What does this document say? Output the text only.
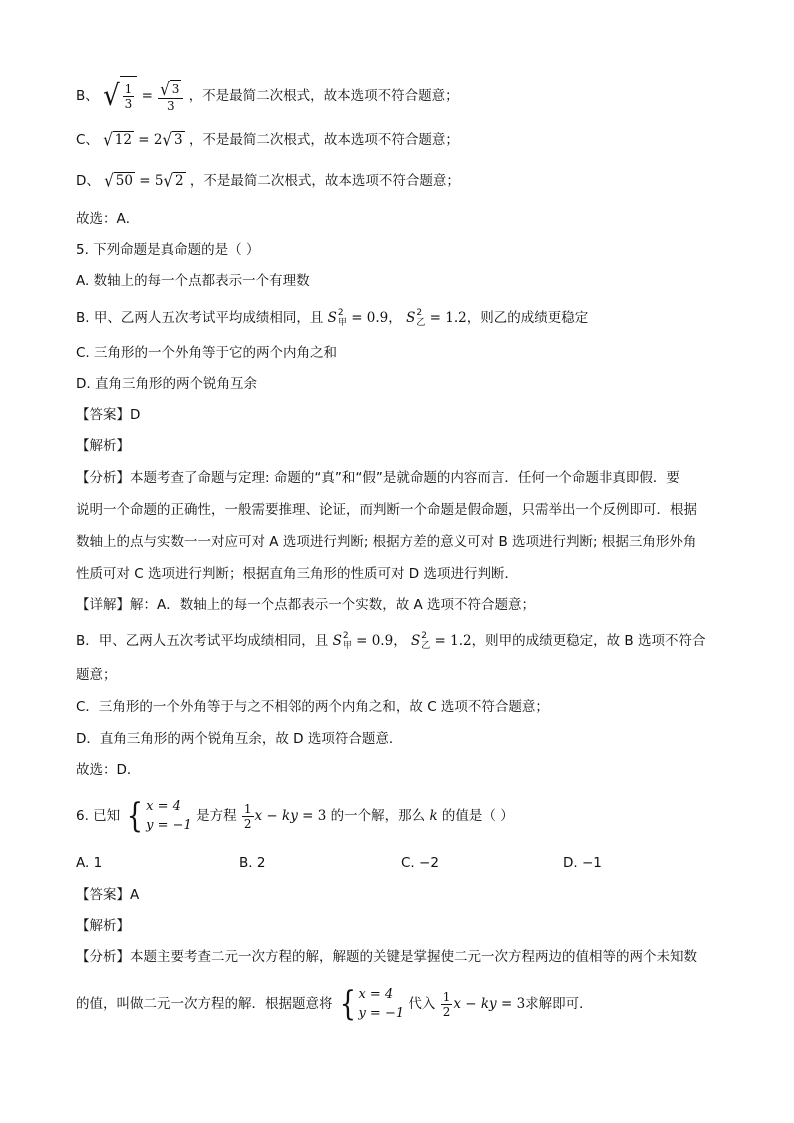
B、 √ $\frac{1}{3} = \frac{√ 3}{3}$ ，不是最简二次根式，故本选项不符合题意；
C、 √ 12 = 2 √ 3 ，不是最简二次根式，故本选项不符合题意；
D、 √ 50 = 5 √ 2 ，不是最简二次根式，故本选项不符合题意；
故选：A．
5. 下列命题是真命题的是（ ）
A. 数轴上的每一个点都表示一个有理数
B. 甲、乙两人五次考试平均成绩相同，且 S 2
甲 = 0.9， S 2
乙 = 1.2，则乙的成绩更稳定
C. 三角形的一个外角等于它的两个内角之和
D. 直角三角形的两个锐角互余
【答案】D
【解析】
【分析】本题考查了命题与定理: 命题的“真”和“假”是就命题的内容而言．任何一个命题非真即假．要
说明一个命题的正确性，一般需要推理、论证，而判断一个命题是假命题，只需举出一个反例即可．根据
数轴上的点与实数一一对应可对 A 选项进行判断; 根据方差的意义可对 B 选项进行判断; 根据三角形外角
性质可对 C 选项进行判断；根据直角三角形的性质可对 D 选项进行判断．
【详解】解：A．数轴上的每一个点都表示一个实数，故 A 选项不符合题意；
B．甲、乙两人五次考试平均成绩相同，且 S 2
甲 = 0.9， S 2
乙 = 1.2，则甲的成绩更稳定，故 B 选项不符合
题意；
C．三角形的一个外角等于与之不相邻的两个内角之和，故 C 选项不符合题意；
D．直角三角形的两个锐角互余，故 D 选项符合题意．
故选：D．
6. 已知 { x = 4
y = −1
是方程 $\frac{1}{2}$ x − ky = 3 的一个解，那么 k 的值是（ ）
A. 1	B. 2	C. −2	D. −1
【答案】A
【解析】
【分析】本题主要考查二元一次方程的解，解题的关键是掌握使二元一次方程两边的值相等的两个未知数
的值，叫做二元一次方程的解．根据题意将 { x = 4
y = −1
代入 $\frac{1}{2}$ x − ky = 3求解即可．
